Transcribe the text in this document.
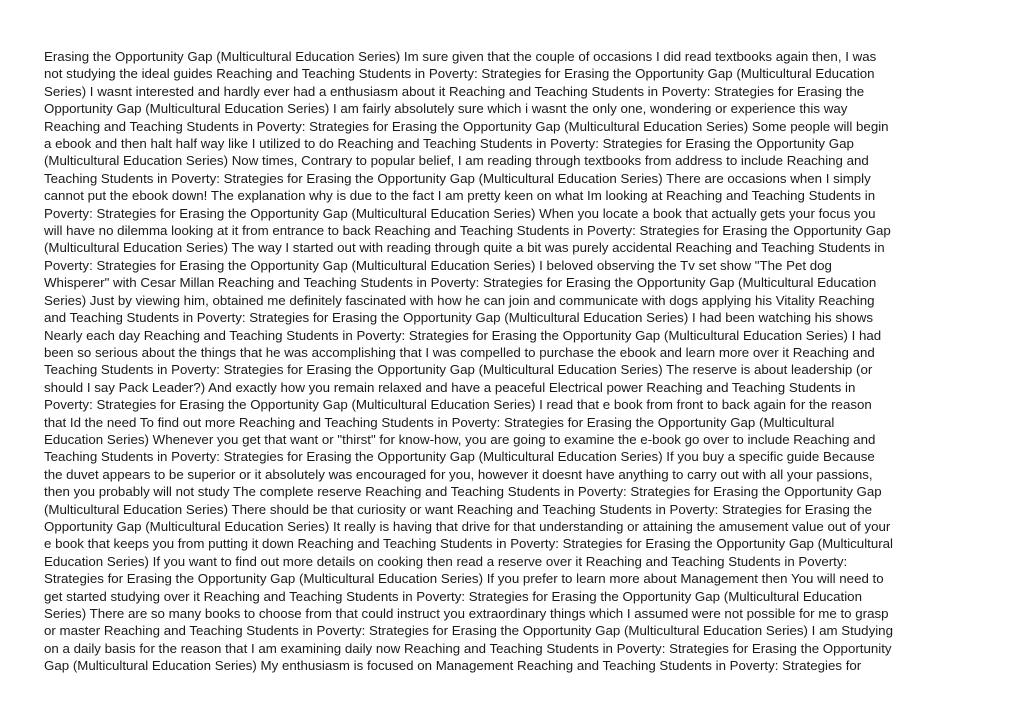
Erasing the Opportunity Gap (Multicultural Education Series) Im sure given that the couple of occasions I did read textbooks again then, I was
not studying the ideal guides Reaching and Teaching Students in Poverty: Strategies for Erasing the Opportunity Gap (Multicultural Education
Series) I wasnt interested and hardly ever had a enthusiasm about it Reaching and Teaching Students in Poverty: Strategies for Erasing the
Opportunity Gap (Multicultural Education Series) I am fairly absolutely sure which i wasnt the only one, wondering or experience this way
Reaching and Teaching Students in Poverty: Strategies for Erasing the Opportunity Gap (Multicultural Education Series) Some people will begin
a ebook and then halt half way like I utilized to do Reaching and Teaching Students in Poverty: Strategies for Erasing the Opportunity Gap
(Multicultural Education Series) Now times, Contrary to popular belief, I am reading through textbooks from address to include Reaching and
Teaching Students in Poverty: Strategies for Erasing the Opportunity Gap (Multicultural Education Series) There are occasions when I simply
cannot put the ebook down! The explanation why is due to the fact I am pretty keen on what Im looking at Reaching and Teaching Students in
Poverty: Strategies for Erasing the Opportunity Gap (Multicultural Education Series) When you locate a book that actually gets your focus you
will have no dilemma looking at it from entrance to back Reaching and Teaching Students in Poverty: Strategies for Erasing the Opportunity Gap
(Multicultural Education Series) The way I started out with reading through quite a bit was purely accidental Reaching and Teaching Students in
Poverty: Strategies for Erasing the Opportunity Gap (Multicultural Education Series) I beloved observing the Tv set show "The Pet dog
Whisperer" with Cesar Millan Reaching and Teaching Students in Poverty: Strategies for Erasing the Opportunity Gap (Multicultural Education
Series) Just by viewing him, obtained me definitely fascinated with how he can join and communicate with dogs applying his Vitality Reaching
and Teaching Students in Poverty: Strategies for Erasing the Opportunity Gap (Multicultural Education Series) I had been watching his shows
Nearly each day Reaching and Teaching Students in Poverty: Strategies for Erasing the Opportunity Gap (Multicultural Education Series) I had
been so serious about the things that he was accomplishing that I was compelled to purchase the ebook and learn more over it Reaching and
Teaching Students in Poverty: Strategies for Erasing the Opportunity Gap (Multicultural Education Series) The reserve is about leadership (or
should I say Pack Leader?) And exactly how you remain relaxed and have a peaceful Electrical power Reaching and Teaching Students in
Poverty: Strategies for Erasing the Opportunity Gap (Multicultural Education Series) I read that e book from front to back again for the reason
that Id the need To find out more Reaching and Teaching Students in Poverty: Strategies for Erasing the Opportunity Gap (Multicultural
Education Series) Whenever you get that want or "thirst" for know-how, you are going to examine the e-book go over to include Reaching and
Teaching Students in Poverty: Strategies for Erasing the Opportunity Gap (Multicultural Education Series) If you buy a specific guide Because
the duvet appears to be superior or it absolutely was encouraged for you, however it doesnt have anything to carry out with all your passions,
then you probably will not study The complete reserve Reaching and Teaching Students in Poverty: Strategies for Erasing the Opportunity Gap
(Multicultural Education Series) There should be that curiosity or want Reaching and Teaching Students in Poverty: Strategies for Erasing the
Opportunity Gap (Multicultural Education Series) It really is having that drive for that understanding or attaining the amusement value out of your
e book that keeps you from putting it down Reaching and Teaching Students in Poverty: Strategies for Erasing the Opportunity Gap (Multicultural
Education Series) If you want to find out more details on cooking then read a reserve over it Reaching and Teaching Students in Poverty:
Strategies for Erasing the Opportunity Gap (Multicultural Education Series) If you prefer to learn more about Management then You will need to
get started studying over it Reaching and Teaching Students in Poverty: Strategies for Erasing the Opportunity Gap (Multicultural Education
Series) There are so many books to choose from that could instruct you extraordinary things which I assumed were not possible for me to grasp
or master Reaching and Teaching Students in Poverty: Strategies for Erasing the Opportunity Gap (Multicultural Education Series) I am Studying
on a daily basis for the reason that I am examining daily now Reaching and Teaching Students in Poverty: Strategies for Erasing the Opportunity
Gap (Multicultural Education Series) My enthusiasm is focused on Management Reaching and Teaching Students in Poverty: Strategies for
